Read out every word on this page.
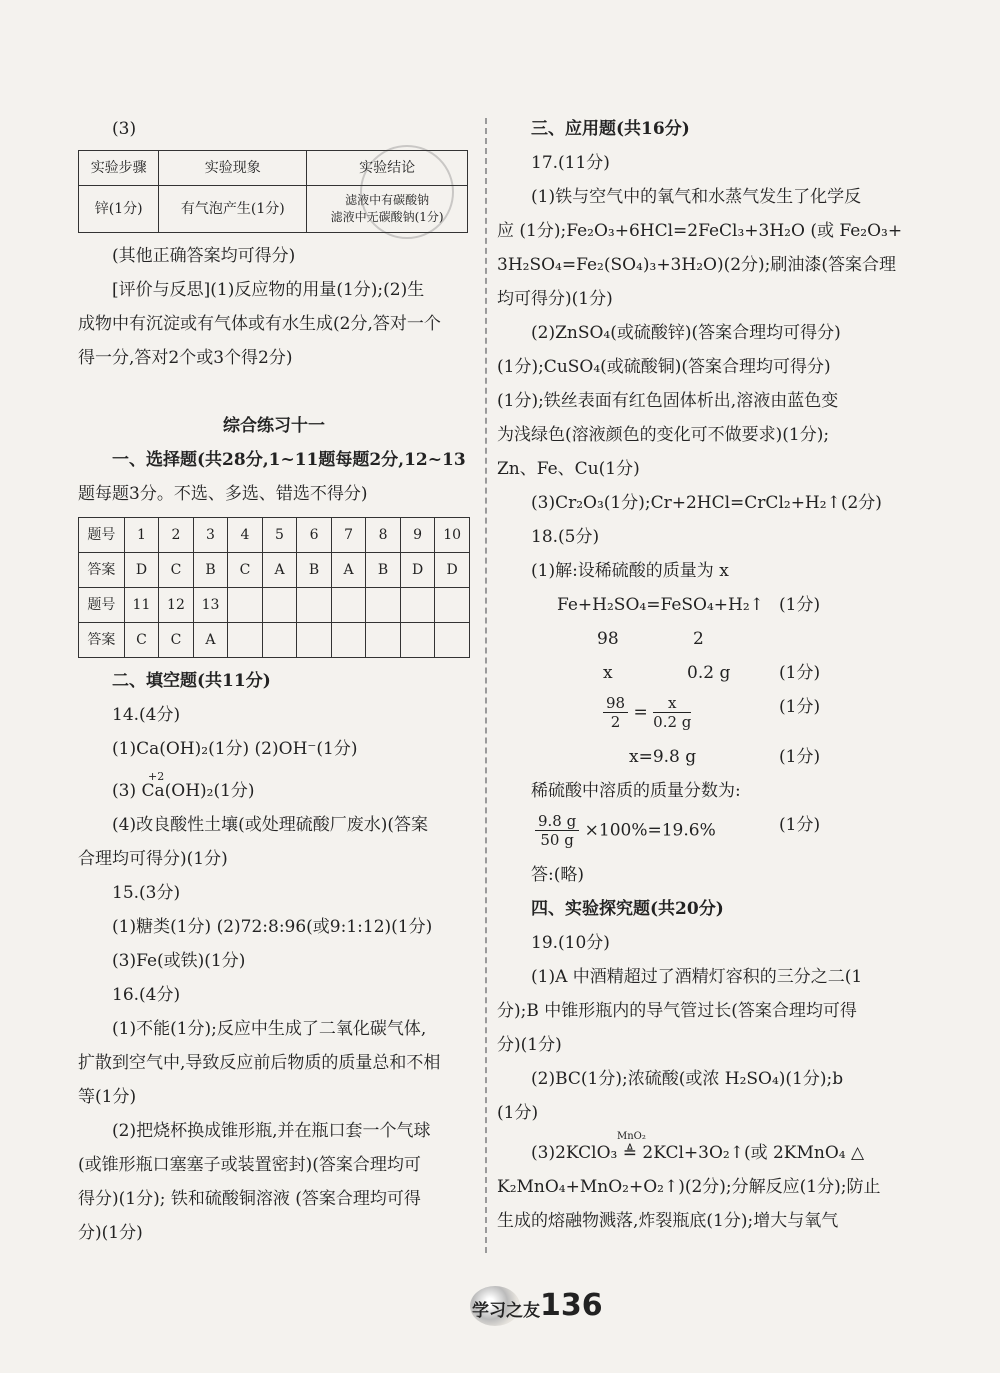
(3)
实验步骤	实验现象	实验结论
锌(1分)	有气泡产生(1分)	滤液中有碳酸钠
滤液中无碳酸钠(1分)
(其他正确答案均可得分)
[评价与反思](1)反应物的用量(1分);(2)生
成物中有沉淀或有气体或有水生成(2分,答对一个
得一分,答对2个或3个得2分)
综合练习十一
一、选择题(共28分,1~11题每题2分,12~13
题每题3分。不选、多选、错选不得分)
题号	1	2	3	4	5	6	7	8	9	10
答案	D	C	B	C	A	B	A	B	D	D
题号	11	12	13							
答案	C	C	A							
二、填空题(共11分)
14.(4分)
(1)Ca(OH)₂(1分) (2)OH⁻(1分)
+2
(3) Ca(OH)₂(1分)
(4)改良酸性土壤(或处理硫酸厂废水)(答案
合理均可得分)(1分)
15.(3分)
(1)糖类(1分) (2)72:8:96(或9:1:12)(1分)
(3)Fe(或铁)(1分)
16.(4分)
(1)不能(1分);反应中生成了二氧化碳气体,
扩散到空气中,导致反应前后物质的质量总和不相
等(1分)
(2)把烧杯换成锥形瓶,并在瓶口套一个气球
(或锥形瓶口塞塞子或装置密封)(答案合理均可
得分)(1分); 铁和硫酸铜溶液 (答案合理均可得
分)(1分)
三、应用题(共16分)
17.(11分)
(1)铁与空气中的氧气和水蒸气发生了化学反
应 (1分);Fe₂O₃+6HCl=2FeCl₃+3H₂O (或 Fe₂O₃+
3H₂SO₄=Fe₂(SO₄)₃+3H₂O)(2分);刷油漆(答案合理
均可得分)(1分)
(2)ZnSO₄(或硫酸锌)(答案合理均可得分)
(1分);CuSO₄(或硫酸铜)(答案合理均可得分)
(1分);铁丝表面有红色固体析出,溶液由蓝色变
为浅绿色(溶液颜色的变化可不做要求)(1分);
Zn、Fe、Cu(1分)
(3)Cr₂O₃(1分);Cr+2HCl=CrCl₂+H₂↑(2分)
18.(5分)
(1)解:设稀硫酸的质量为 x
Fe+H₂SO₄=FeSO₄+H₂↑ (1分)
98	2
x	0.2 g	(1分)
$\frac{98}{2} = \frac{x}{0.2 g}$	(1分)
x=9.8 g	(1分)
稀硫酸中溶质的质量分数为:
$\frac{9.8 g}{50 g} \times 100\%=19.6\%$	(1分)
答:(略)
四、实验探究题(共20分)
19.(10分)
(1)A 中酒精超过了酒精灯容积的三分之二(1
分);B 中锥形瓶内的导气管过长(答案合理均可得
分)(1分)
(2)BC(1分);浓硫酸(或浓 H₂SO₄)(1分);b
(1分)
MnO₂
(3)2KClO₃ ≜ 2KCl+3O₂↑(或 2KMnO₄ △
K₂MnO₄+MnO₂+O₂↑)(2分);分解反应(1分);防止
生成的熔融物溅落,炸裂瓶底(1分);增大与氧气
学习之友 136
